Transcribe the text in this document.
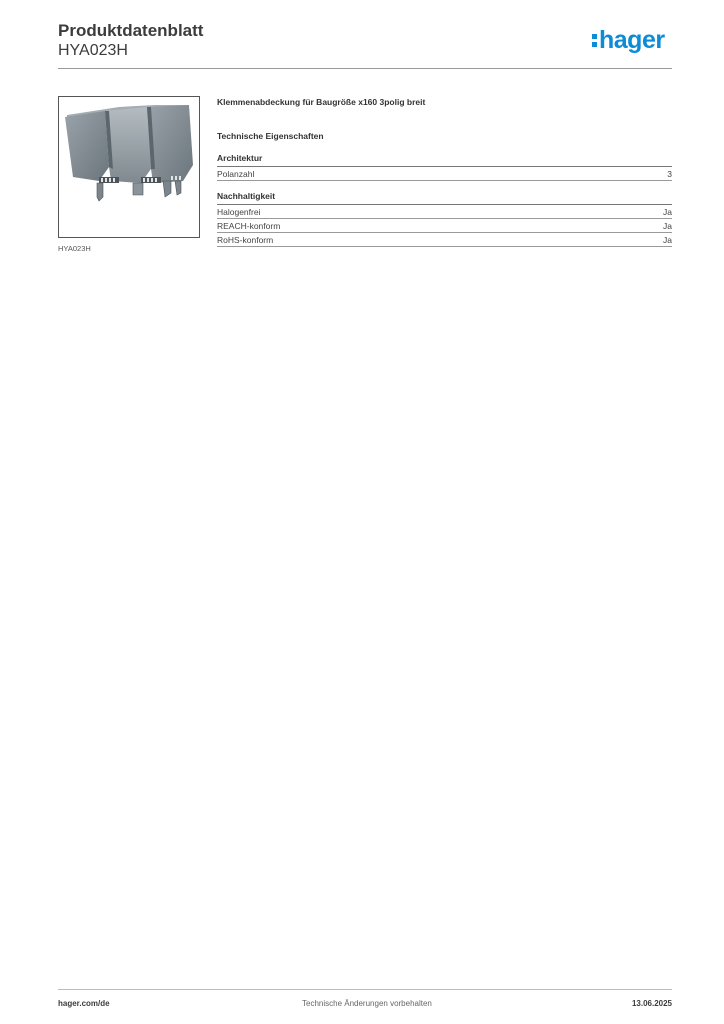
Produktdatenblatt
HYA023H	hager
HYA023H

Klemmenabdeckung für Baugröße x160 3polig breit

Technische Eigenschaften
Architektur
Polanzahl	3
Nachhaltigkeit
Halogenfrei	Ja
REACH-konform	Ja
RoHS-konform	Ja
hager.com/de	Technische Änderungen vorbehalten	13.06.2025
